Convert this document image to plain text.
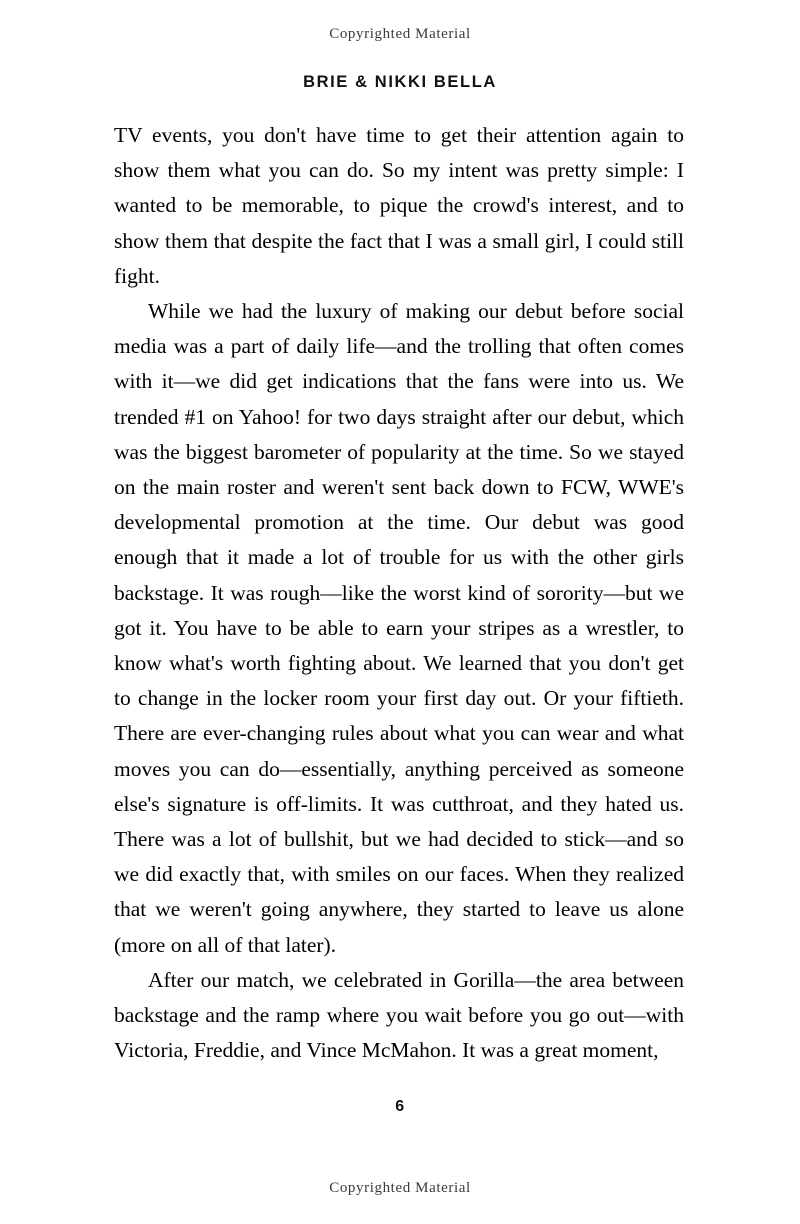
Copyrighted Material
BRIE & NIKKI BELLA

TV events, you don't have time to get their attention again to show them what you can do. So my intent was pretty simple: I wanted to be memorable, to pique the crowd's interest, and to show them that despite the fact that I was a small girl, I could still fight.

While we had the luxury of making our debut before social media was a part of daily life—and the trolling that often comes with it—we did get indications that the fans were into us. We trended #1 on Yahoo! for two days straight after our debut, which was the biggest barometer of popularity at the time. So we stayed on the main roster and weren't sent back down to FCW, WWE's developmental promotion at the time. Our debut was good enough that it made a lot of trouble for us with the other girls backstage. It was rough—like the worst kind of sorority—but we got it. You have to be able to earn your stripes as a wrestler, to know what's worth fighting about. We learned that you don't get to change in the locker room your first day out. Or your fiftieth. There are ever-changing rules about what you can wear and what moves you can do—essentially, anything perceived as someone else's signature is off-limits. It was cutthroat, and they hated us. There was a lot of bullshit, but we had decided to stick—and so we did exactly that, with smiles on our faces. When they realized that we weren't going anywhere, they started to leave us alone (more on all of that later).

After our match, we celebrated in Gorilla—the area between backstage and the ramp where you wait before you go out—with Victoria, Freddie, and Vince McMahon. It was a great moment,

6
Copyrighted Material
